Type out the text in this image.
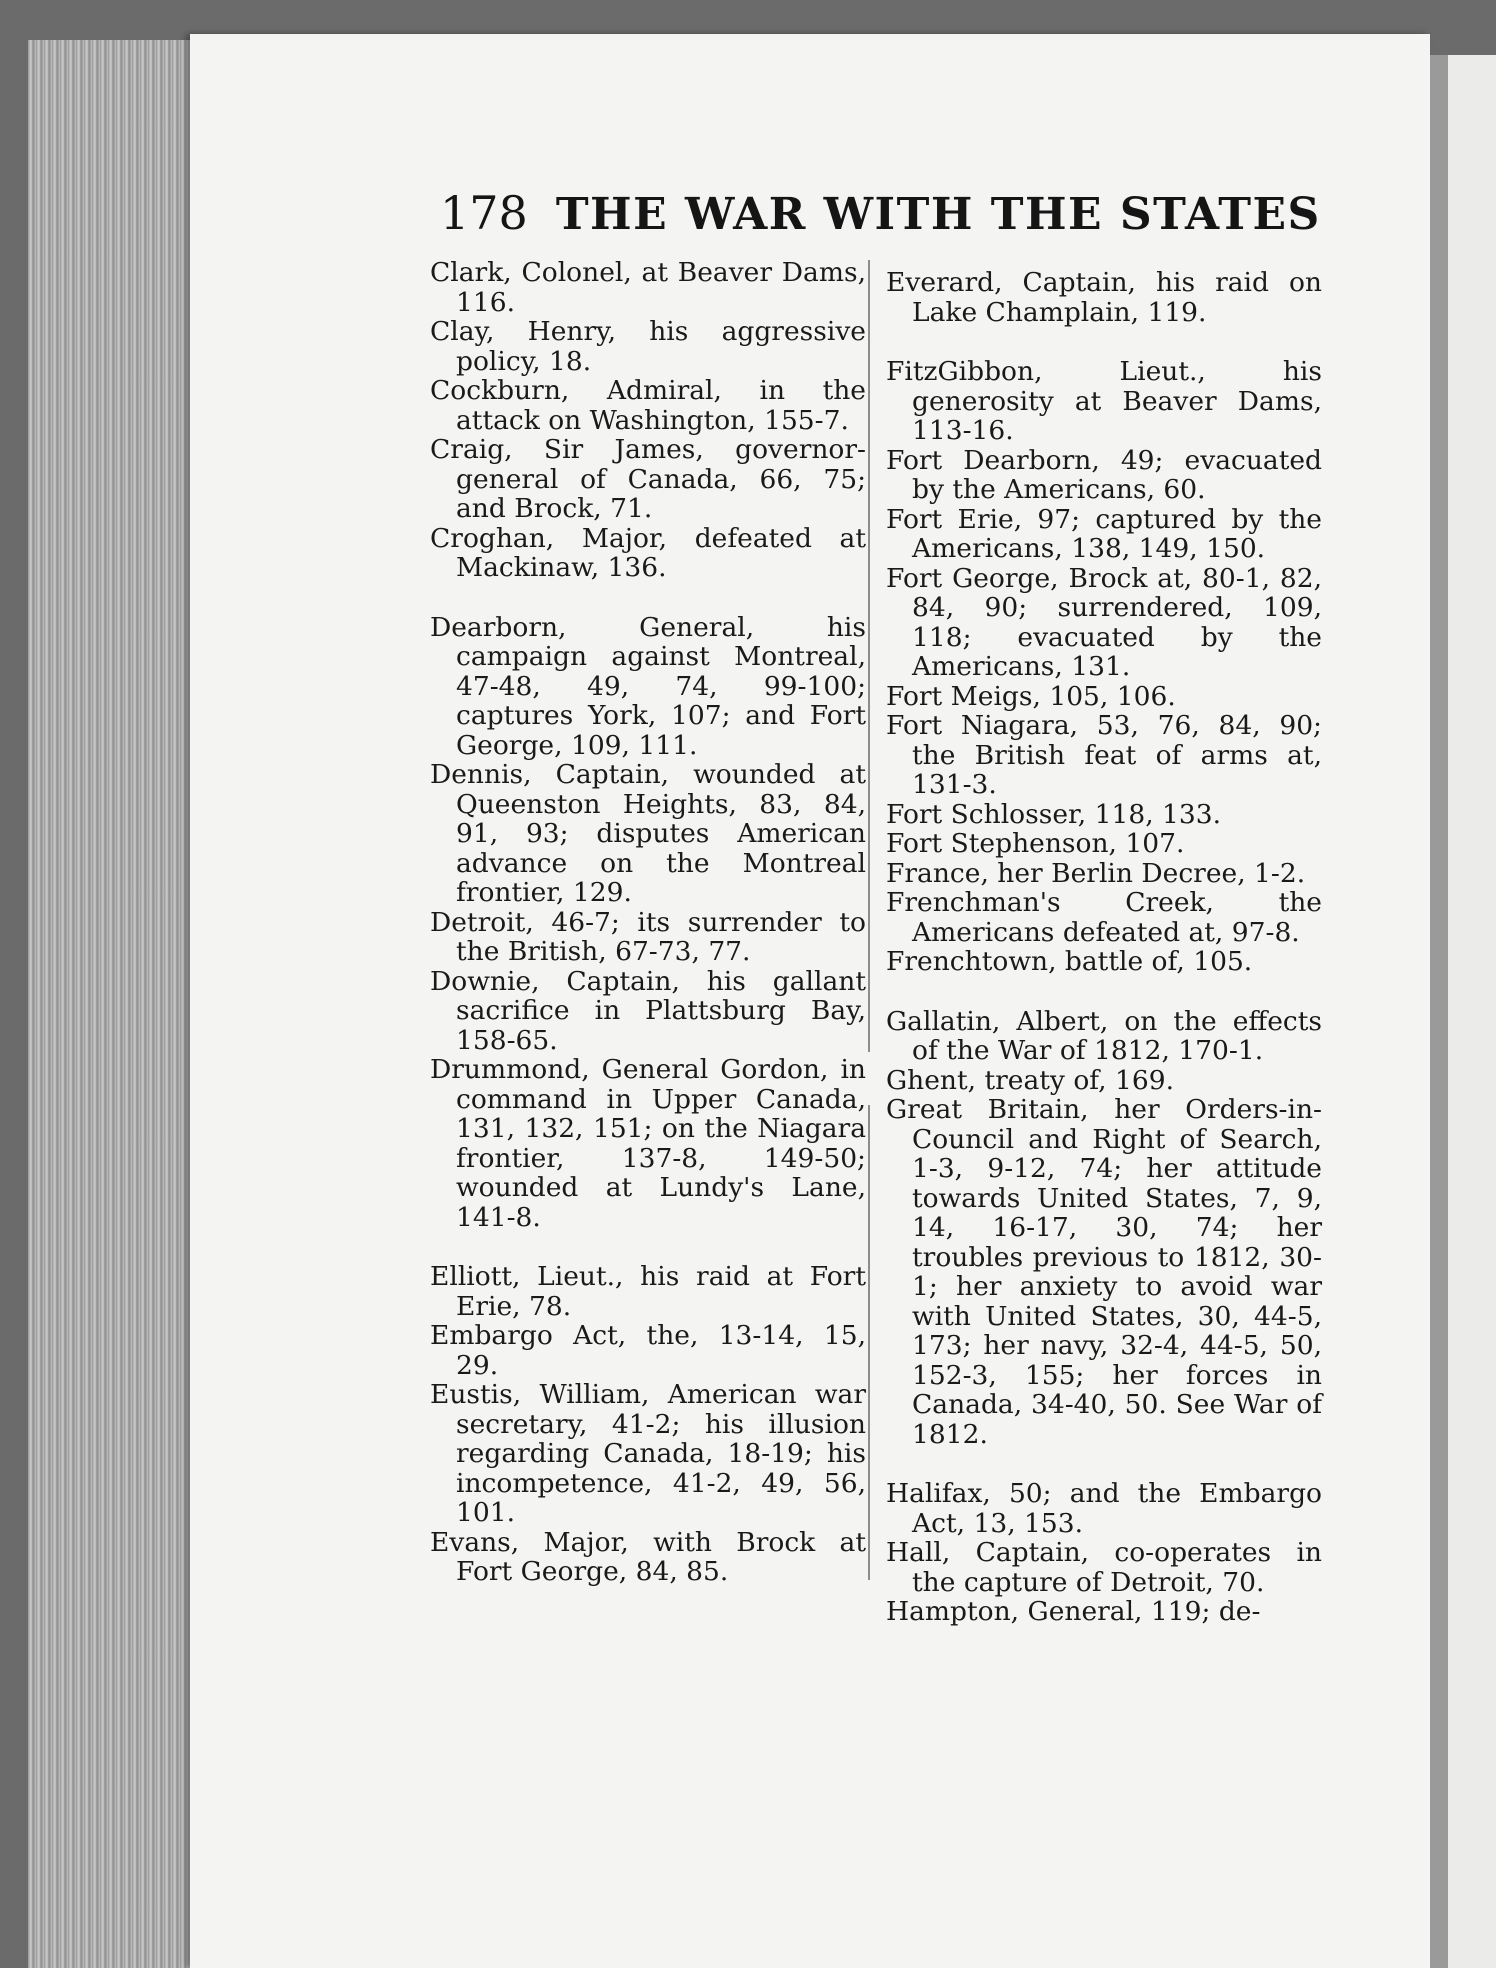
178 THE WAR WITH THE STATES

Clark, Colonel, at Beaver Dams, 116.

Clay, Henry, his aggressive policy, 18.

Cockburn, Admiral, in the attack on Washington, 155-7.

Craig, Sir James, governor-general of Canada, 66, 75; and Brock, 71.

Croghan, Major, defeated at Mackinaw, 136.

Dearborn, General, his campaign against Montreal, 47-48, 49, 74, 99-100; captures York, 107; and Fort George, 109, 111.

Dennis, Captain, wounded at Queenston Heights, 83, 84, 91, 93; disputes American advance on the Montreal frontier, 129.

Detroit, 46-7; its surrender to the British, 67-73, 77.

Downie, Captain, his gallant sacrifice in Plattsburg Bay, 158-65.

Drummond, General Gordon, in command in Upper Canada, 131, 132, 151; on the Niagara frontier, 137-8, 149-50; wounded at Lundy's Lane, 141-8.

Elliott, Lieut., his raid at Fort Erie, 78.

Embargo Act, the, 13-14, 15, 29.

Eustis, William, American war secretary, 41-2; his illusion regarding Canada, 18-19; his incompetence, 41-2, 49, 56, 101.

Evans, Major, with Brock at Fort George, 84, 85.

Everard, Captain, his raid on Lake Champlain, 119.

FitzGibbon, Lieut., his generosity at Beaver Dams, 113-16.

Fort Dearborn, 49; evacuated by the Americans, 60.

Fort Erie, 97; captured by the Americans, 138, 149, 150.

Fort George, Brock at, 80-1, 82, 84, 90; surrendered, 109, 118; evacuated by the Americans, 131.

Fort Meigs, 105, 106.

Fort Niagara, 53, 76, 84, 90; the British feat of arms at, 131-3.

Fort Schlosser, 118, 133.

Fort Stephenson, 107.

France, her Berlin Decree, 1-2.

Frenchman's Creek, the Americans defeated at, 97-8.

Frenchtown, battle of, 105.

Gallatin, Albert, on the effects of the War of 1812, 170-1.

Ghent, treaty of, 169.

Great Britain, her Orders-in-Council and Right of Search, 1-3, 9-12, 74; her attitude towards United States, 7, 9, 14, 16-17, 30, 74; her troubles previous to 1812, 30-1; her anxiety to avoid war with United States, 30, 44-5, 173; her navy, 32-4, 44-5, 50, 152-3, 155; her forces in Canada, 34-40, 50. See War of 1812.

Halifax, 50; and the Embargo Act, 13, 153.

Hall, Captain, co-operates in the capture of Detroit, 70.

Hampton, General, 119; de-
